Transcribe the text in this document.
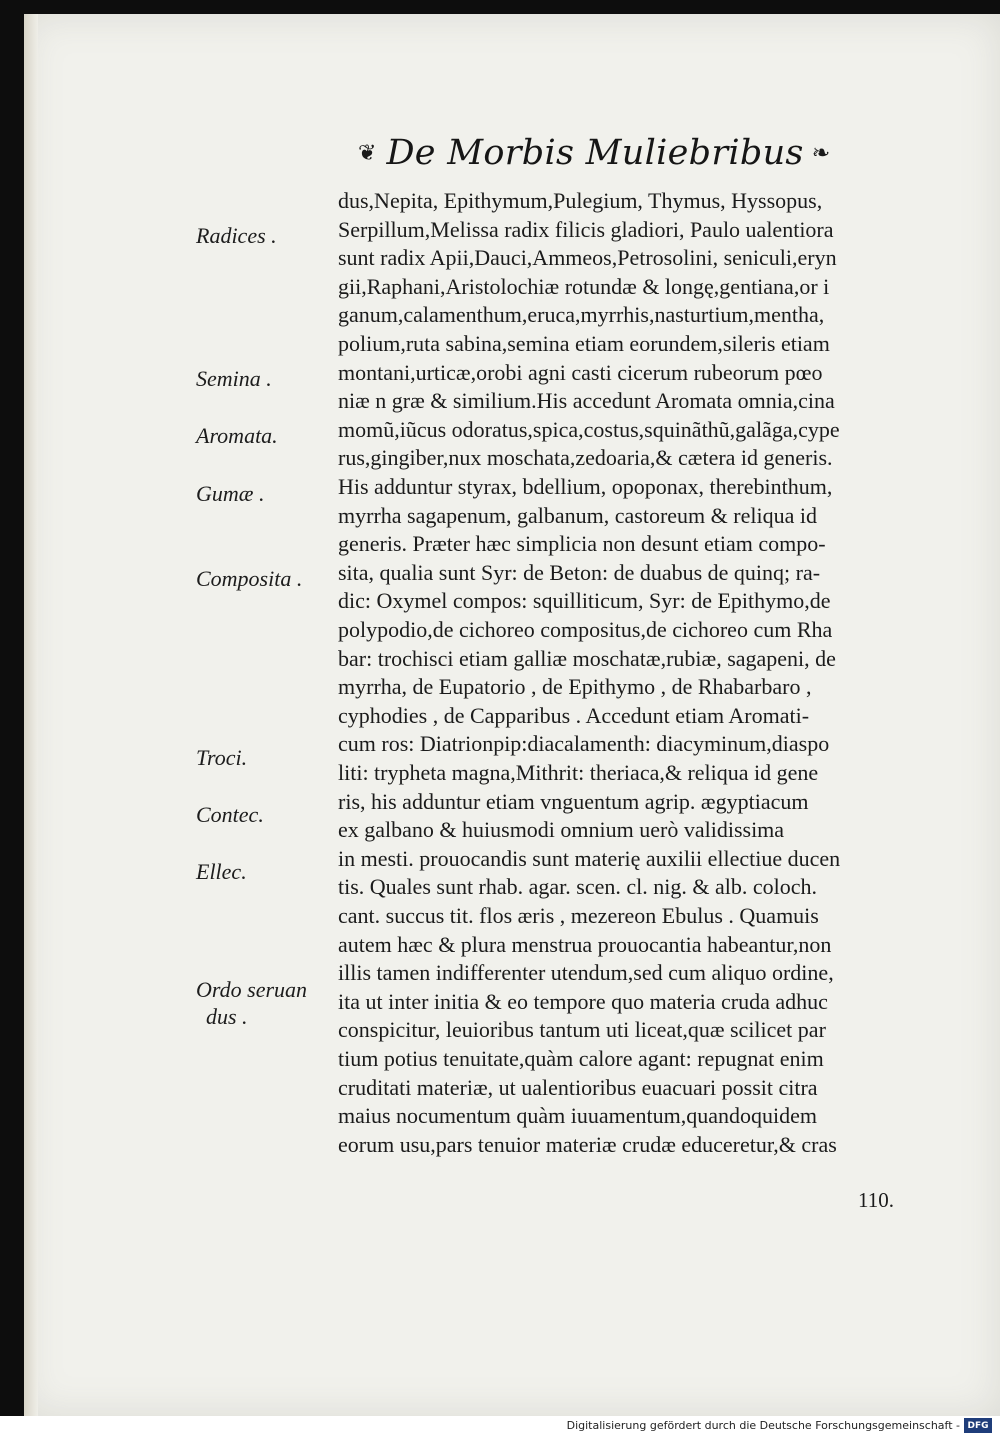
❦ De Morbis Muliebribus ❧
Radices .
Semina .
Aromata.
Gumæ .
Composita .
Troci.
Contec.
Ellec.
Ordo seruan
dus .
dus,Nepita, Epithymum,Pulegium, Thymus, Hyssopus,
Serpillum,Melissa radix filicis gladiori, Paulo ualentiora
sunt radix Apii,Dauci,Ammeos,Petrosolini, seniculi,eryn
gii,Raphani,Aristolochiæ rotundæ & longę,gentiana,or i
ganum,calamenthum,eruca,myrrhis,nasturtium,mentha,
polium,ruta sabina,semina etiam eorundem,sileris etiam
montani,urticæ,orobi agni casti cicerum rubeorum pœo
niæ n græ & similium.His accedunt Aromata omnia,cina
momũ,iũcus odoratus,spica,costus,squinãthũ,galãga,cype
rus,gingiber,nux moschata,zedoaria,& cætera id generis.
His adduntur styrax, bdellium, opoponax, therebinthum,
myrrha sagapenum, galbanum, castoreum & reliqua id
generis. Præter hæc simplicia non desunt etiam compo-
sita, qualia sunt Syr: de Beton: de duabus de quinq; ra-
dic: Oxymel compos: squilliticum, Syr: de Epithymo,de
polypodio,de cichoreo compositus,de cichoreo cum Rha
bar: trochisci etiam galliæ moschatæ,rubiæ, sagapeni, de
myrrha, de Eupatorio , de Epithymo , de Rhabarbaro ,
cyphodies , de Capparibus . Accedunt etiam Aromati-
cum ros: Diatrionpip:diacalamenth: diacyminum,diaspo
liti: trypheta magna,Mithrit: theriaca,& reliqua id gene
ris, his adduntur etiam vnguentum agrip. ægyptiacum
ex galbano & huiusmodi omnium uerò validissima
in mesti. prouocandis sunt materię auxilii ellectiue ducen
tis. Quales sunt rhab. agar. scen. cl. nig. & alb. coloch.
cant. succus tit. flos æris , mezereon Ebulus . Quamuis
autem hæc & plura menstrua prouocantia habeantur,non
illis tamen indifferenter utendum,sed cum aliquo ordine,
ita ut inter initia & eo tempore quo materia cruda adhuc
conspicitur, leuioribus tantum uti liceat,quæ scilicet par
tium potius tenuitate,quàm calore agant: repugnat enim
cruditati materiæ, ut ualentioribus euacuari possit citra
maius nocumentum quàm iuuamentum,quandoquidem
eorum usu,pars tenuior materiæ crudæ educeretur,& cras
110.
Digitalisierung gefördert durch die Deutsche Forschungsgemeinschaft - DFG
